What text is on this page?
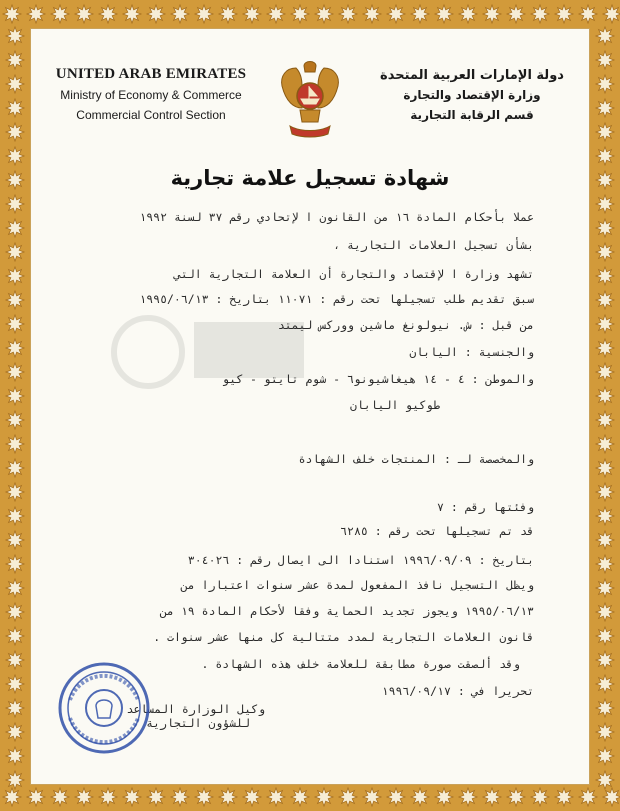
UNITED ARAB EMIRATES
Ministry of Economy & Commerce
Commercial Control Section
دولة الإمارات العربية المتحدة
وزارة الإقتصاد والتجارة
قسم الرقابة التجارية
شهادة تسجيل علامة تجارية
عملا بأحكام المادة ١٦ من القانون ا لإتحادي رقم ٣٧ لسنة ١٩٩٢
بشأن تسجيل العلامات التجارية ،
تشهد وزارة ا لإقتصاد والتجارة أن العلامة التجارية التي
سبق تقديم طلب تسجيلها تحت رقم : ١١٠٧١ بتاريخ : ١٩٩٥/٠٦/١٣
من قبل : ش. نيولونغ ماشين ووركس ليمتد
والجنسية : اليابان
والموطن : ٤ - ١٤ هيغاشيونو٦ - شوم تايتو - كيو
طوكيو اليابان
والمخصصة لـ : المنتجات خلف الشهادة
وفئتها رقم : ٧
قد تم تسجيلها تحت رقم : ٦٢٨٥
بتاريخ : ١٩٩٦/٠٩/٠٩ استنادا الى ايصال رقم : ٣٠٤٠٢٦
ويظل التسجيل نافذ المفعول لمدة عشر سنوات اعتبارا من
١٩٩٥/٠٦/١٣ ويجوز تجديد الحماية وفقا لأحكام المادة ١٩ من
قانون العلامات التجارية لمدد متتالية كل منها عشر سنوات .
وقد ألصقت صورة مطابقة للعلامة خلف هذه الشهادة .
تحريرا في : ١٩٩٦/٠٩/١٧
وكيل الوزارة المساعد
للشؤون التجارية
